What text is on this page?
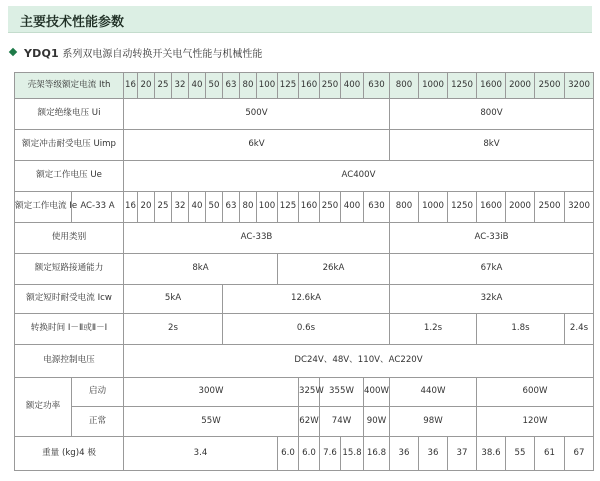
主要技术性能参数
YDQ1 系列双电源自动转换开关电气性能与机械性能
壳架等级额定电流 Ith		16	20	25	32	40	50	63	80	100	125	160	250	400	630	800	1000	1250	1600	2000	2500	3200
额定绝缘电压 Ui		500V														800V						
额定冲击耐受电压 Uimp		6kV														8kV						
额定工作电压 Ue		AC400V																				
额定工作电流 Ie	AC-33 A	16	20	25	32	40	50	63	80	100	125	160	250	400	630	800	1000	1250	1600	2000	2500	3200
使用类别		AC-33B														AC-33iB						
额定短路接通能力		8kA									26kA					67kA						
额定短时耐受电流 Icw		5kA						12.6kA								32kA						
转换时间 Ⅰ－Ⅱ或Ⅱ－Ⅰ		2s						0.6s								1.2s			1.8s			2.4s
电源控制电压		DC24V、48V、110V、AC220V																				
额定功率	启动	300W										325W	355W		400W	440W			600W			
	正常	55W										62W	74W		90W	98W			120W			
重量 (kg)4 极		3.4									6.0	6.0	7.6	15.8	16.8	36	36	37	38.6	55	61	67
